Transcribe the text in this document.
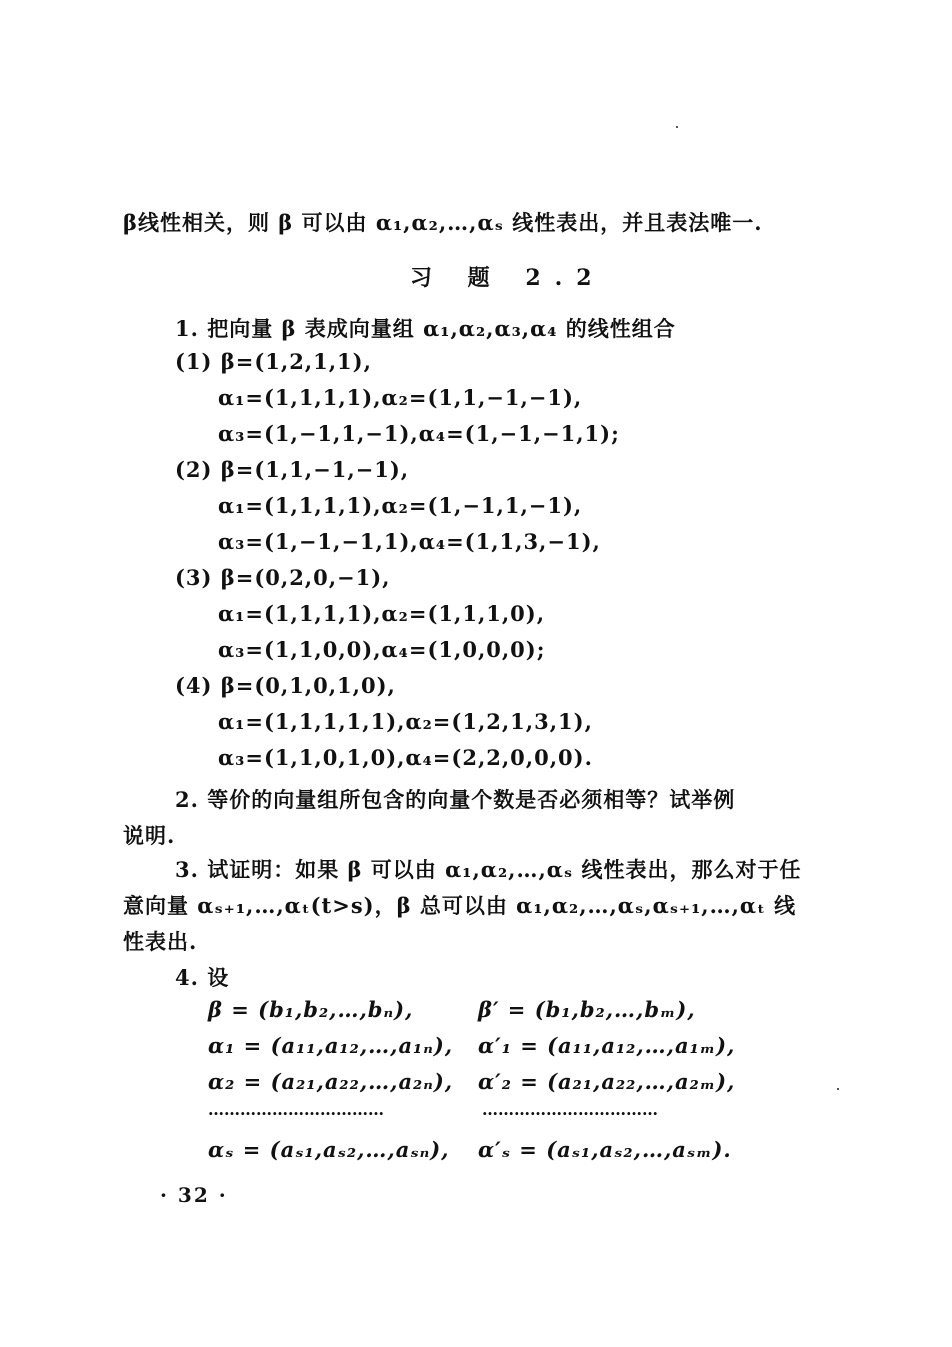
β线性相关，则 β 可以由 α₁,α₂,…,αₛ 线性表出，并且表法唯一.
习 题 2.2
1. 把向量 β 表成向量组 α₁,α₂,α₃,α₄ 的线性组合
(1) β=(1,2,1,1),
α₁=(1,1,1,1),α₂=(1,1,−1,−1),
α₃=(1,−1,1,−1),α₄=(1,−1,−1,1);
(2) β=(1,1,−1,−1),
α₁=(1,1,1,1),α₂=(1,−1,1,−1),
α₃=(1,−1,−1,1),α₄=(1,1,3,−1),
(3) β=(0,2,0,−1),
α₁=(1,1,1,1),α₂=(1,1,1,0),
α₃=(1,1,0,0),α₄=(1,0,0,0);
(4) β=(0,1,0,1,0),
α₁=(1,1,1,1,1),α₂=(1,2,1,3,1),
α₃=(1,1,0,1,0),α₄=(2,2,0,0,0).
2. 等价的向量组所包含的向量个数是否必须相等？试举例
说明.
3. 试证明：如果 β 可以由 α₁,α₂,…,αₛ 线性表出，那么对于任
意向量 αₛ₊₁,…,αₜ(t>s)，β 总可以由 α₁,α₂,…,αₛ,αₛ₊₁,…,αₜ 线
性表出.
4. 设
β = (b₁,b₂,…,bₙ),
α₁ = (a₁₁,a₁₂,…,a₁ₙ),
α₂ = (a₂₁,a₂₂,…,a₂ₙ),
……………………………
αₛ = (aₛ₁,aₛ₂,…,aₛₙ),
β′ = (b₁,b₂,…,bₘ),
α′₁ = (a₁₁,a₁₂,…,a₁ₘ),
α′₂ = (a₂₁,a₂₂,…,a₂ₘ),
……………………………
α′ₛ = (aₛ₁,aₛ₂,…,aₛₘ).
· 32 ·
